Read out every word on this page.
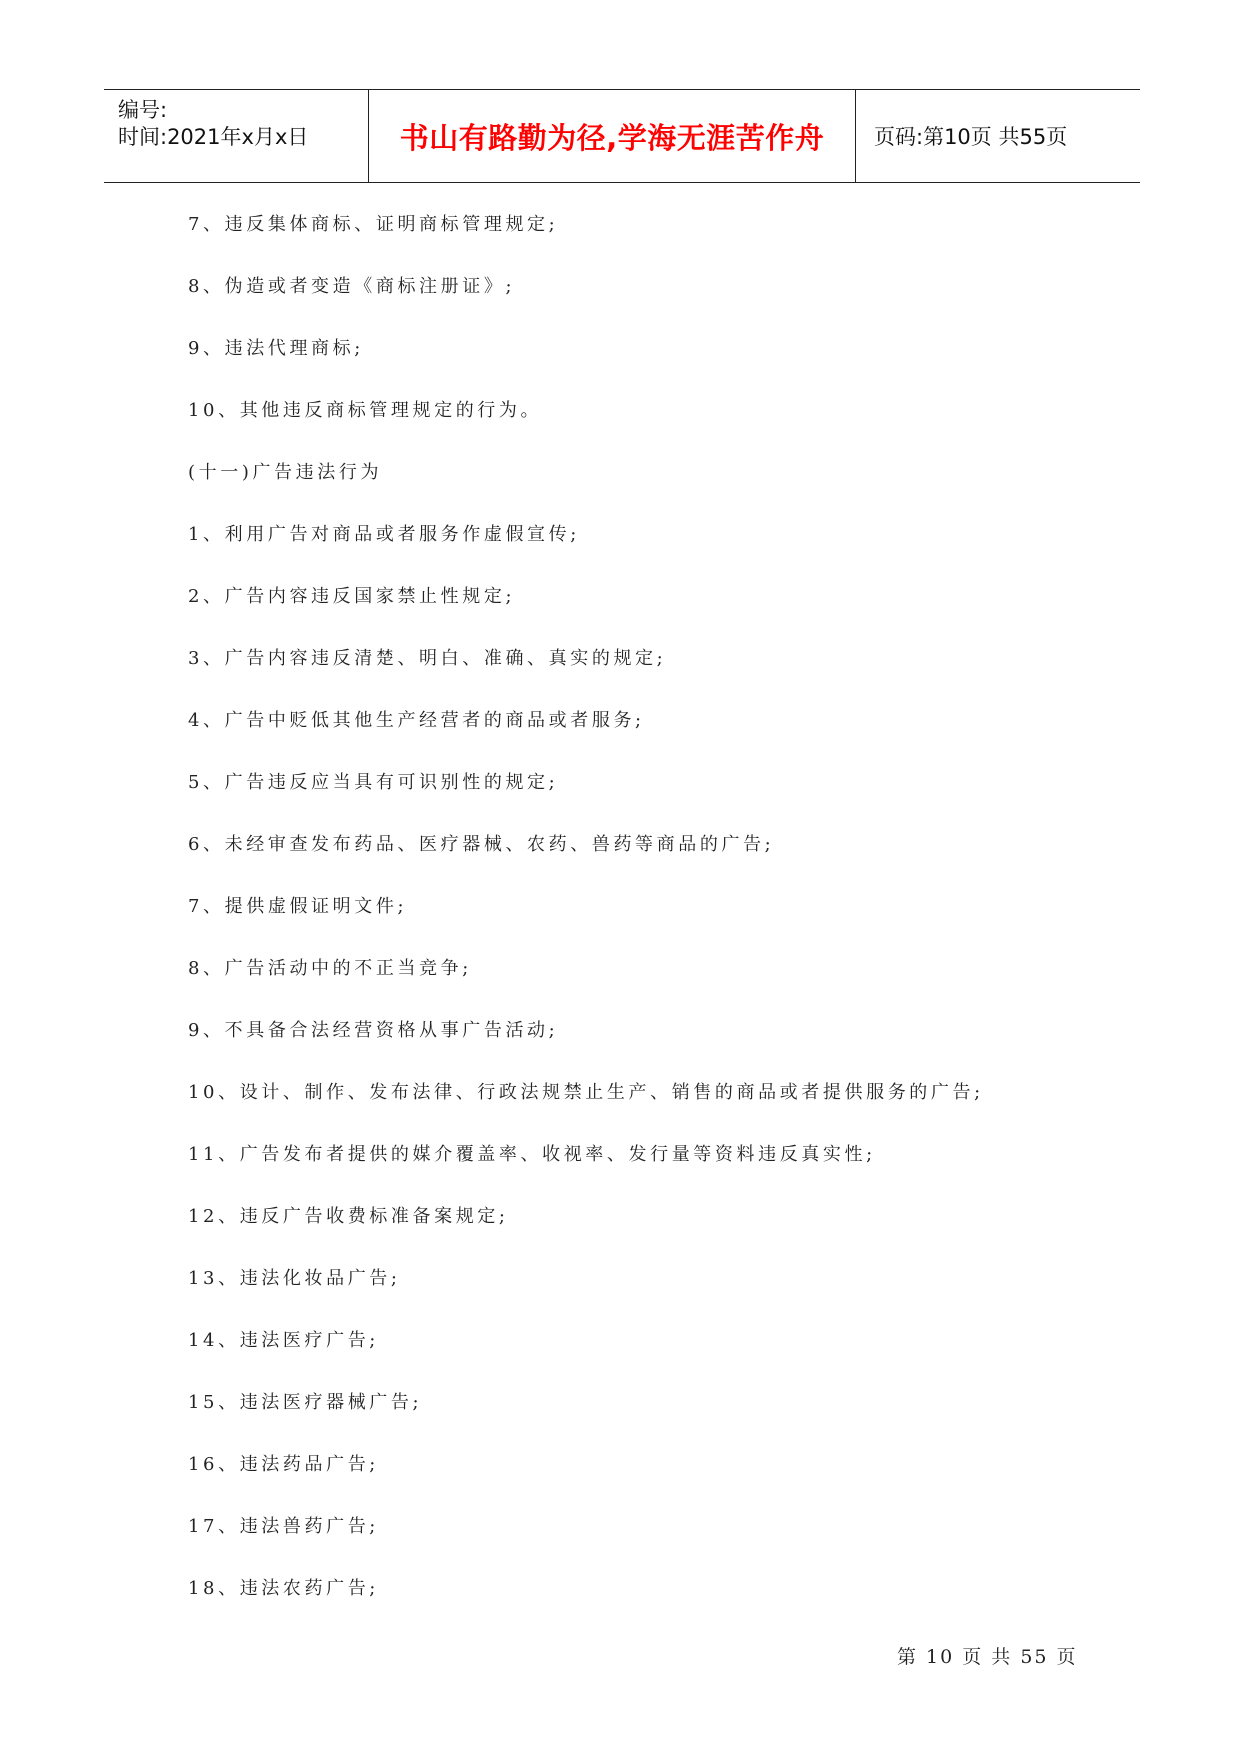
编号:
时间:2021年x月x日	书山有路勤为径,学海无涯苦作舟 页码:第10页 共55页
7、违反集体商标、证明商标管理规定;
8、伪造或者变造《商标注册证》;
9、违法代理商标;
10、其他违反商标管理规定的行为。
(十一)广告违法行为
1、利用广告对商品或者服务作虚假宣传;
2、广告内容违反国家禁止性规定;
3、广告内容违反清楚、明白、准确、真实的规定;
4、广告中贬低其他生产经营者的商品或者服务;
5、广告违反应当具有可识别性的规定;
6、未经审查发布药品、医疗器械、农药、兽药等商品的广告;
7、提供虚假证明文件;
8、广告活动中的不正当竞争;
9、不具备合法经营资格从事广告活动;
10、设计、制作、发布法律、行政法规禁止生产、销售的商品或者提供服务的广告;
11、广告发布者提供的媒介覆盖率、收视率、发行量等资料违反真实性;
12、违反广告收费标准备案规定;
13、违法化妆品广告;
14、违法医疗广告;
15、违法医疗器械广告;
16、违法药品广告;
17、违法兽药广告;
18、违法农药广告;
第 10 页 共 55 页
